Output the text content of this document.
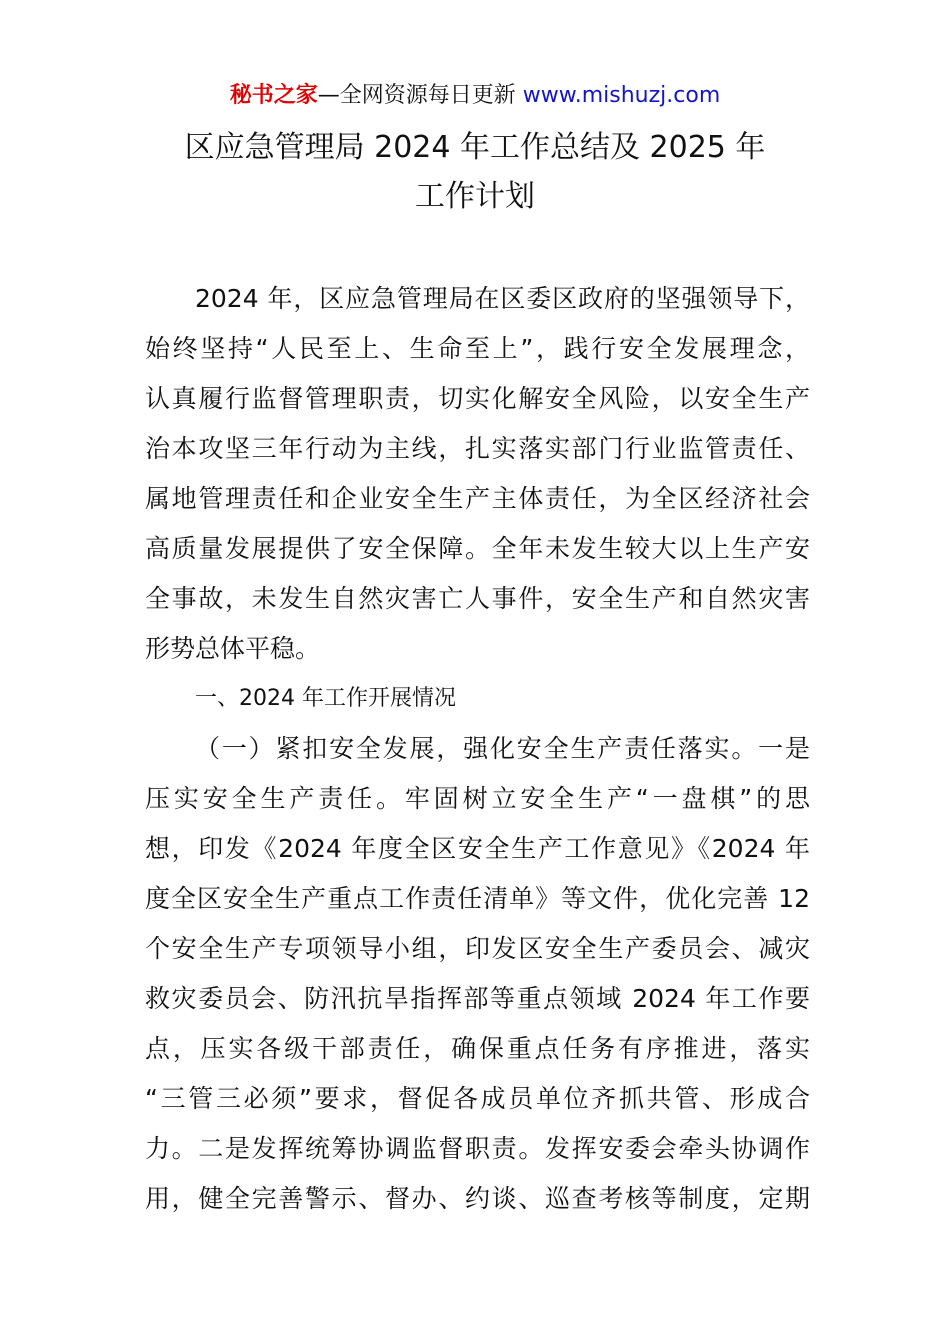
秘书之家—全网资源每日更新 www.mishuzj.com
区应急管理局 2024 年工作总结及 2025 年
工作计划
2024 年，区应急管理局在区委区政府的坚强领导下，
始终坚持“人民至上、生命至上”，践行安全发展理念，
认真履行监督管理职责，切实化解安全风险，以安全生产
治本攻坚三年行动为主线，扎实落实部门行业监管责任、
属地管理责任和企业安全生产主体责任，为全区经济社会
高质量发展提供了安全保障。全年未发生较大以上生产安
全事故，未发生自然灾害亡人事件，安全生产和自然灾害
形势总体平稳。
一、2024 年工作开展情况
（一）紧扣安全发展，强化安全生产责任落实。一是
压实安全生产责任。牢固树立安全生产“一盘棋”的思
想，印发《2024 年度全区安全生产工作意见》《2024 年
度全区安全生产重点工作责任清单》等文件，优化完善 12
个安全生产专项领导小组，印发区安全生产委员会、减灾
救灾委员会、防汛抗旱指挥部等重点领域 2024 年工作要
点，压实各级干部责任，确保重点任务有序推进，落实
“三管三必须”要求，督促各成员单位齐抓共管、形成合
力。二是发挥统筹协调监督职责。发挥安委会牵头协调作
用，健全完善警示、督办、约谈、巡查考核等制度，定期
